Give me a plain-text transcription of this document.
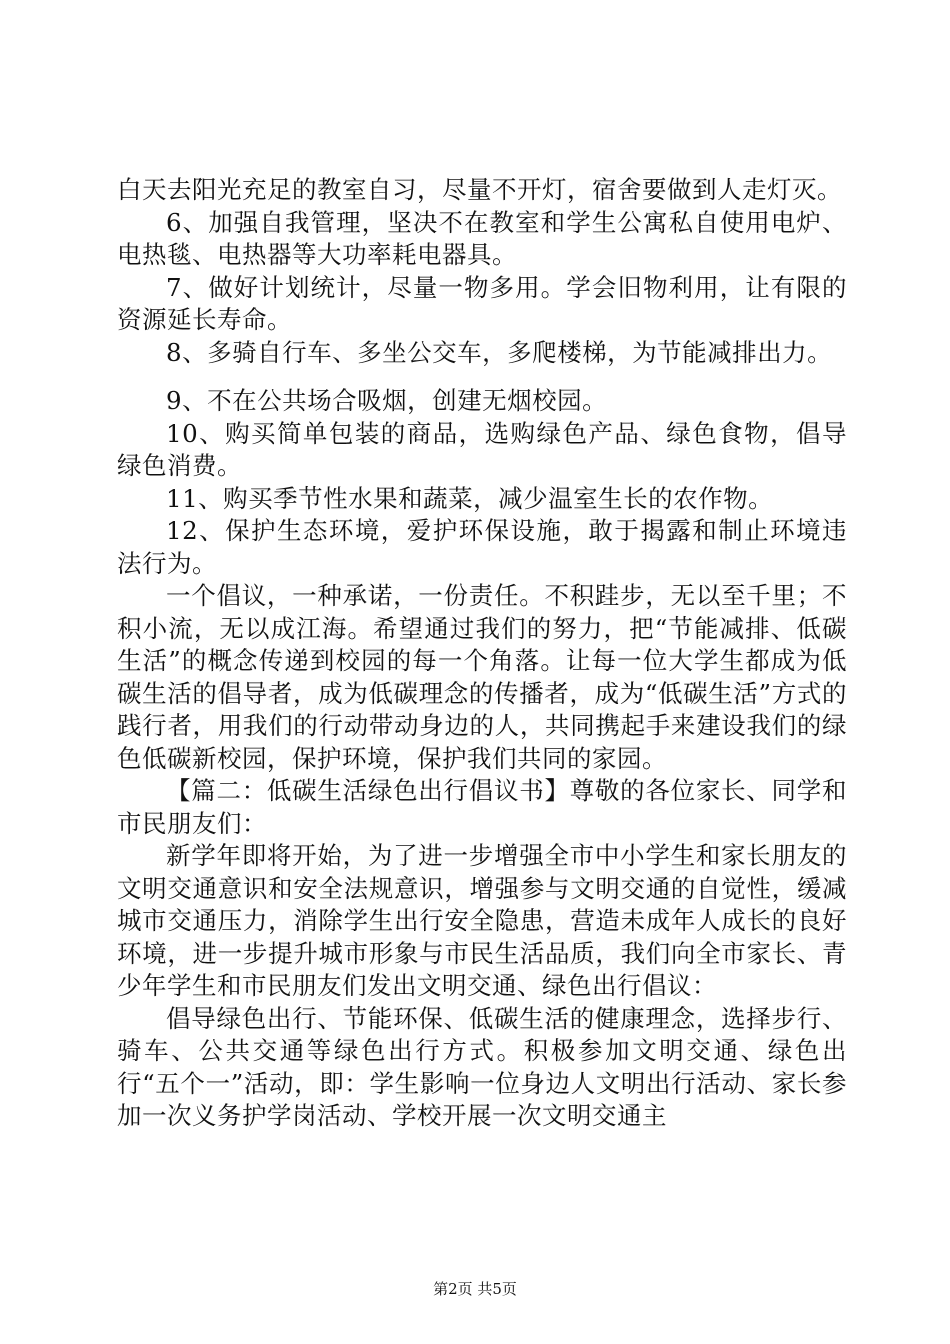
白天去阳光充足的教室自习，尽量不开灯，宿舍要做到人走灯灭。

6、加强自我管理，坚决不在教室和学生公寓私自使用电炉、电热毯、电热器等大功率耗电器具。

7、做好计划统计，尽量一物多用。学会旧物利用，让有限的资源延长寿命。

8、多骑自行车、多坐公交车，多爬楼梯，为节能减排出力。

9、不在公共场合吸烟，创建无烟校园。

10、购买简单包装的商品，选购绿色产品、绿色食物，倡导绿色消费。

11、购买季节性水果和蔬菜，减少温室生长的农作物。

12、保护生态环境，爱护环保设施，敢于揭露和制止环境违法行为。

一个倡议，一种承诺，一份责任。不积跬步，无以至千里；不积小流，无以成江海。希望通过我们的努力，把“节能减排、低碳生活”的概念传递到校园的每一个角落。让每一位大学生都成为低碳生活的倡导者，成为低碳理念的传播者，成为“低碳生活”方式的践行者，用我们的行动带动身边的人，共同携起手来建设我们的绿色低碳新校园，保护环境，保护我们共同的家园。

【篇二：低碳生活绿色出行倡议书】尊敬的各位家长、同学和市民朋友们：

新学年即将开始，为了进一步增强全市中小学生和家长朋友的文明交通意识和安全法规意识，增强参与文明交通的自觉性，缓减城市交通压力，消除学生出行安全隐患，营造未成年人成长的良好环境，进一步提升城市形象与市民生活品质，我们向全市家长、青少年学生和市民朋友们发出文明交通、绿色出行倡议：

倡导绿色出行、节能环保、低碳生活的健康理念，选择步行、骑车、公共交通等绿色出行方式。积极参加文明交通、绿色出行“五个一”活动，即：学生影响一位身边人文明出行活动、家长参加一次义务护学岗活动、学校开展一次文明交通主

第2页 共5页
